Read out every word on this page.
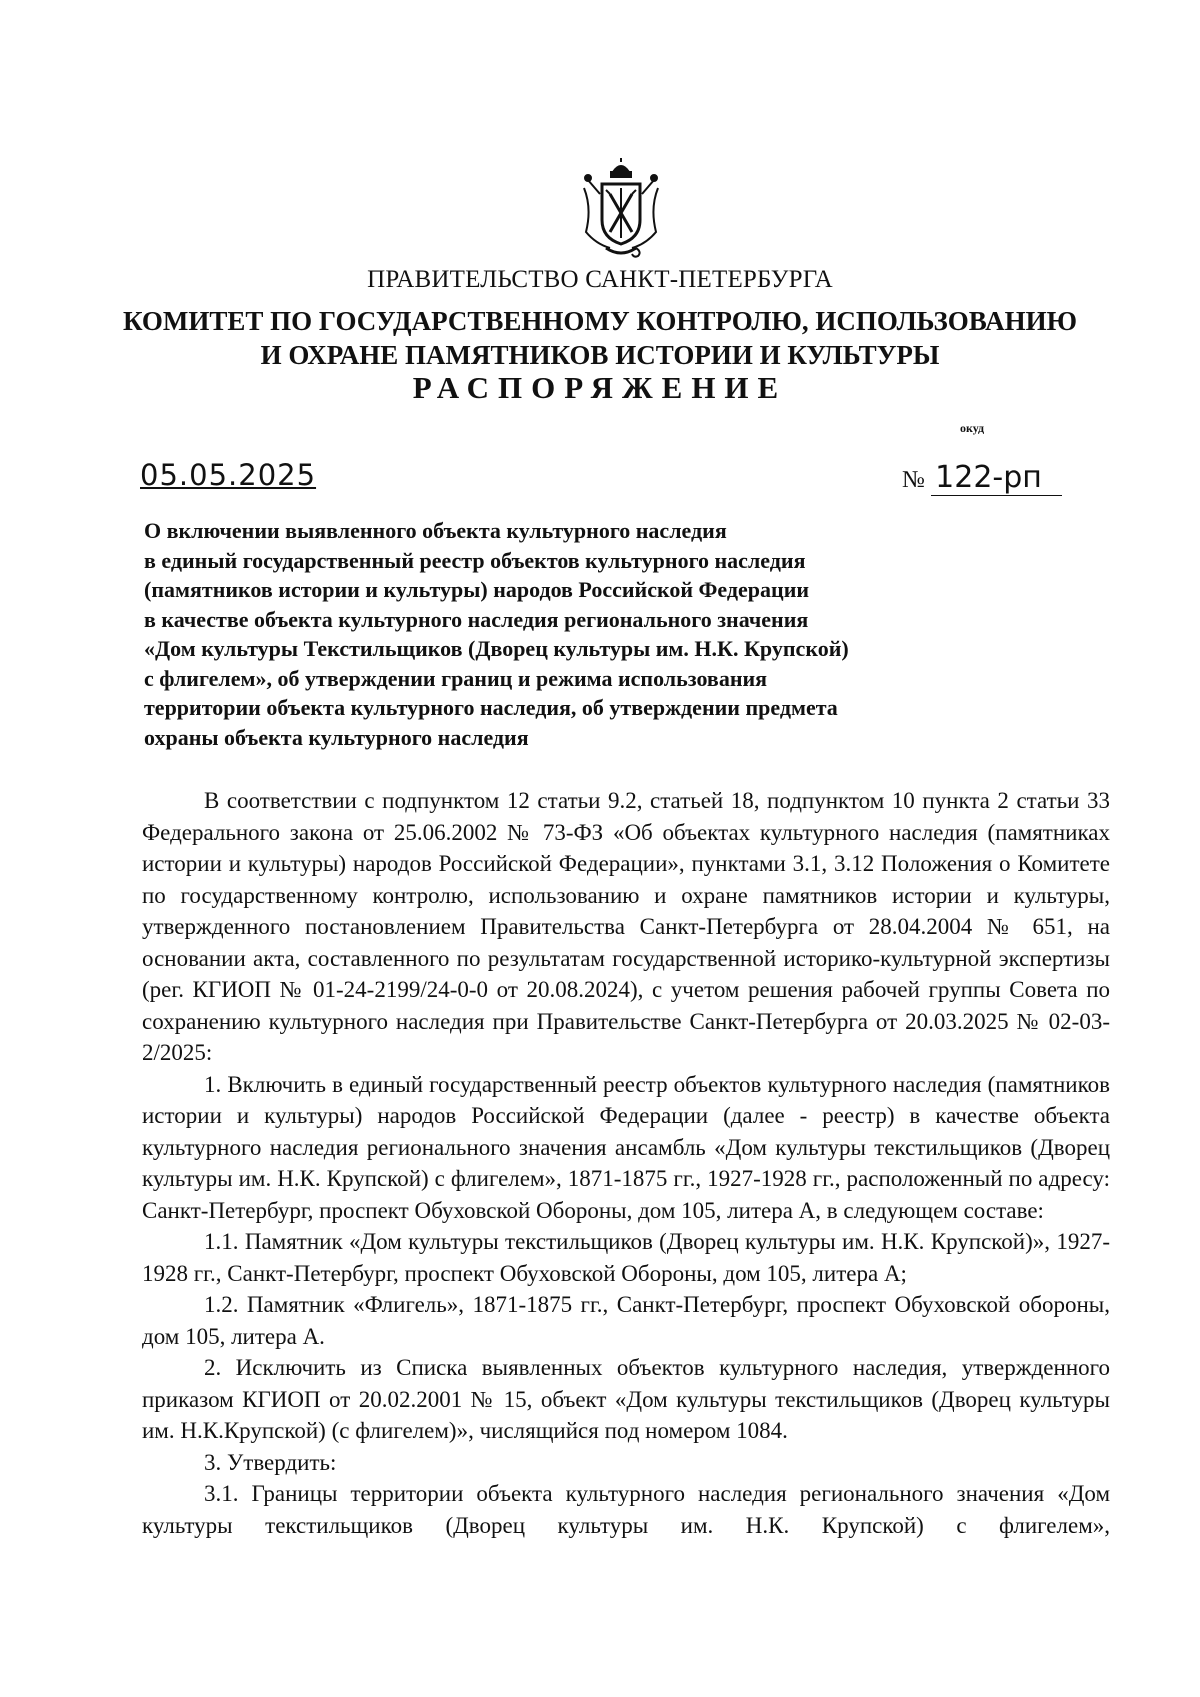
ПРАВИТЕЛЬСТВО САНКТ-ПЕТЕРБУРГА
КОМИТЕТ ПО ГОСУДАРСТВЕННОМУ КОНТРОЛЮ, ИСПОЛЬЗОВАНИЮ
И ОХРАНЕ ПАМЯТНИКОВ ИСТОРИИ И КУЛЬТУРЫ
РАСПОРЯЖЕНИЕ
окуд
05.05.2025	№ 122-рп
О включении выявленного объекта культурного наследия
в единый государственный реестр объектов культурного наследия
(памятников истории и культуры) народов Российской Федерации
в качестве объекта культурного наследия регионального значения
«Дом культуры Текстильщиков (Дворец культуры им. Н.К. Крупской)
с флигелем», об утверждении границ и режима использования
территории объекта культурного наследия, об утверждении предмета
охраны объекта культурного наследия

В соответствии с подпунктом 12 статьи 9.2, статьей 18, подпунктом 10 пункта 2 статьи 33 Федерального закона от 25.06.2002 № 73-ФЗ «Об объектах культурного наследия (памятниках истории и культуры) народов Российской Федерации», пунктами 3.1, 3.12 Положения о Комитете по государственному контролю, использованию и охране памятников истории и культуры, утвержденного постановлением Правительства Санкт-Петербурга от 28.04.2004 № 651, на основании акта, составленного по результатам государственной историко-культурной экспертизы (рег. КГИОП № 01-24-2199/24-0-0 от 20.08.2024), с учетом решения рабочей группы Совета по сохранению культурного наследия при Правительстве Санкт-Петербурга от 20.03.2025 № 02-03-2/2025:

1. Включить в единый государственный реестр объектов культурного наследия (памятников истории и культуры) народов Российской Федерации (далее - реестр) в качестве объекта культурного наследия регионального значения ансамбль «Дом культуры текстильщиков (Дворец культуры им. Н.К. Крупской) с флигелем», 1871-1875 гг., 1927-1928 гг., расположенный по адресу: Санкт-Петербург, проспект Обуховской Обороны, дом 105, литера А, в следующем составе:

1.1. Памятник «Дом культуры текстильщиков (Дворец культуры им. Н.К. Крупской)», 1927-1928 гг., Санкт-Петербург, проспект Обуховской Обороны, дом 105, литера А;

1.2. Памятник «Флигель», 1871-1875 гг., Санкт-Петербург, проспект Обуховской обороны, дом 105, литера А.

2. Исключить из Списка выявленных объектов культурного наследия, утвержденного приказом КГИОП от 20.02.2001 № 15, объект «Дом культуры текстильщиков (Дворец культуры им. Н.К.Крупской) (с флигелем)», числящийся под номером 1084.

3. Утвердить:

3.1. Границы территории объекта культурного наследия регионального значения «Дом культуры текстильщиков (Дворец культуры им. Н.К. Крупской) с флигелем»,
